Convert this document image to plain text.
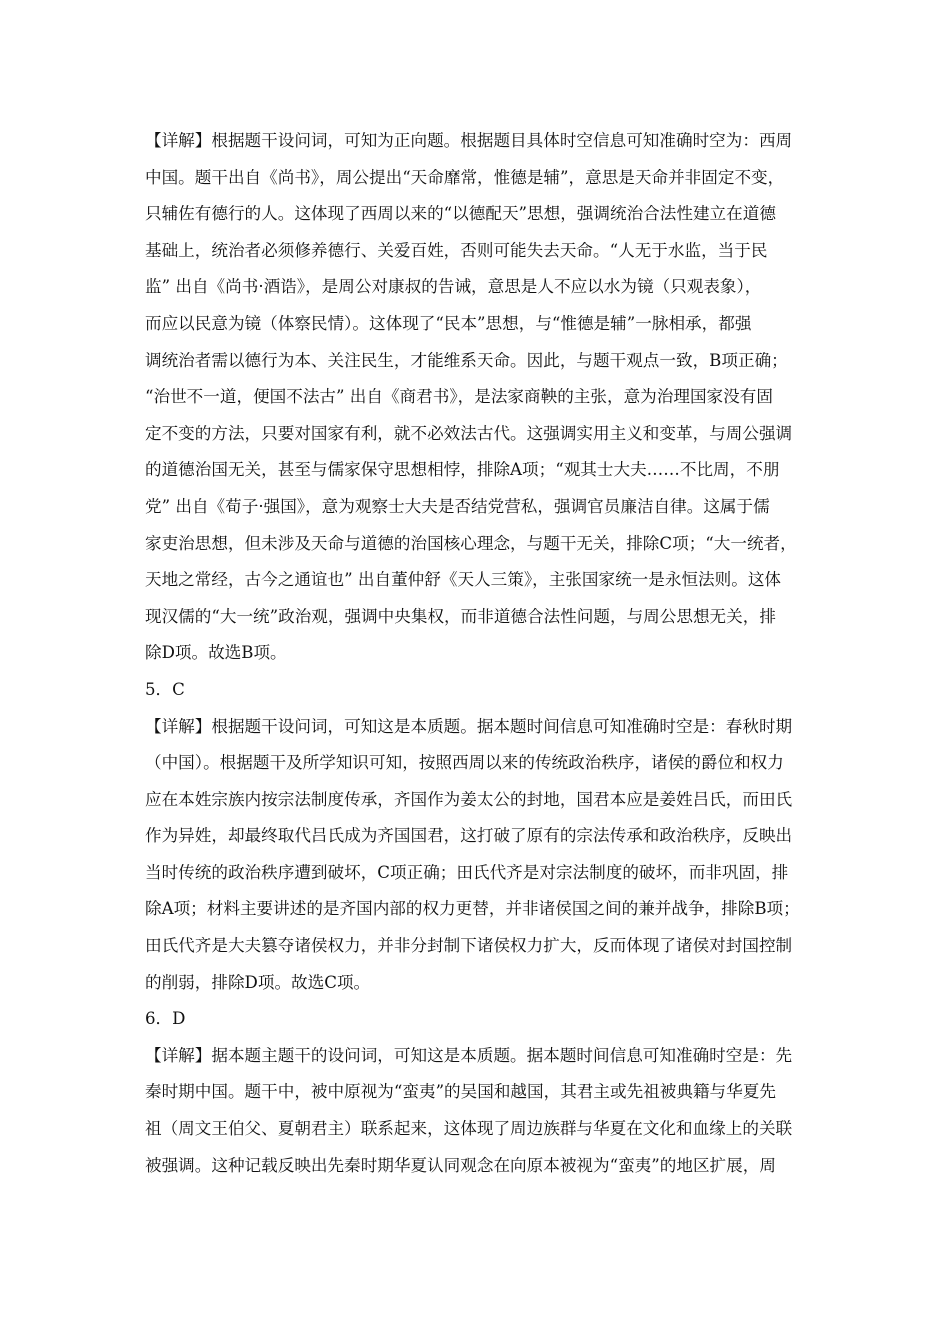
【详解】根据题干设问词，可知为正向题。根据题目具体时空信息可知准确时空为：西周
中国。题干出自《尚书》，周公提出“天命靡常，惟德是辅”，意思是天命并非固定不变，
只辅佐有德行的人。这体现了西周以来的“以德配天”思想，强调统治合法性建立在道德
基础上，统治者必须修养德行、关爱百姓，否则可能失去天命。“人无于水监，当于民
监” 出自《尚书·酒诰》，是周公对康叔的告诫，意思是人不应以水为镜（只观表象），
而应以民意为镜（体察民情）。这体现了“民本”思想，与“惟德是辅”一脉相承，都强
调统治者需以德行为本、关注民生，才能维系天命。因此，与题干观点一致，B项正确；
“治世不一道，便国不法古” 出自《商君书》，是法家商鞅的主张，意为治理国家没有固
定不变的方法，只要对国家有利，就不必效法古代。这强调实用主义和变革，与周公强调
的道德治国无关，甚至与儒家保守思想相悖，排除A项；“观其士大夫……不比周，不朋
党” 出自《荀子·强国》，意为观察士大夫是否结党营私，强调官员廉洁自律。这属于儒
家吏治思想，但未涉及天命与道德的治国核心理念，与题干无关，排除C项；“大一统者，
天地之常经，古今之通谊也” 出自董仲舒《天人三策》，主张国家统一是永恒法则。这体
现汉儒的“大一统”政治观，强调中央集权，而非道德合法性问题，与周公思想无关，排
除D项。故选B项。
5．C
【详解】根据题干设问词，可知这是本质题。据本题时间信息可知准确时空是：春秋时期
（中国）。根据题干及所学知识可知，按照西周以来的传统政治秩序，诸侯的爵位和权力
应在本姓宗族内按宗法制度传承，齐国作为姜太公的封地，国君本应是姜姓吕氏，而田氏
作为异姓，却最终取代吕氏成为齐国国君，这打破了原有的宗法传承和政治秩序，反映出
当时传统的政治秩序遭到破坏，C项正确；田氏代齐是对宗法制度的破坏，而非巩固，排
除A项；材料主要讲述的是齐国内部的权力更替，并非诸侯国之间的兼并战争，排除B项；
田氏代齐是大夫篡夺诸侯权力，并非分封制下诸侯权力扩大，反而体现了诸侯对封国控制
的削弱，排除D项。故选C项。
6．D
【详解】据本题主题干的设问词，可知这是本质题。据本题时间信息可知准确时空是：先
秦时期中国。题干中，被中原视为“蛮夷”的吴国和越国，其君主或先祖被典籍与华夏先
祖（周文王伯父、夏朝君主）联系起来，这体现了周边族群与华夏在文化和血缘上的关联
被强调。这种记载反映出先秦时期华夏认同观念在向原本被视为“蛮夷”的地区扩展，周
